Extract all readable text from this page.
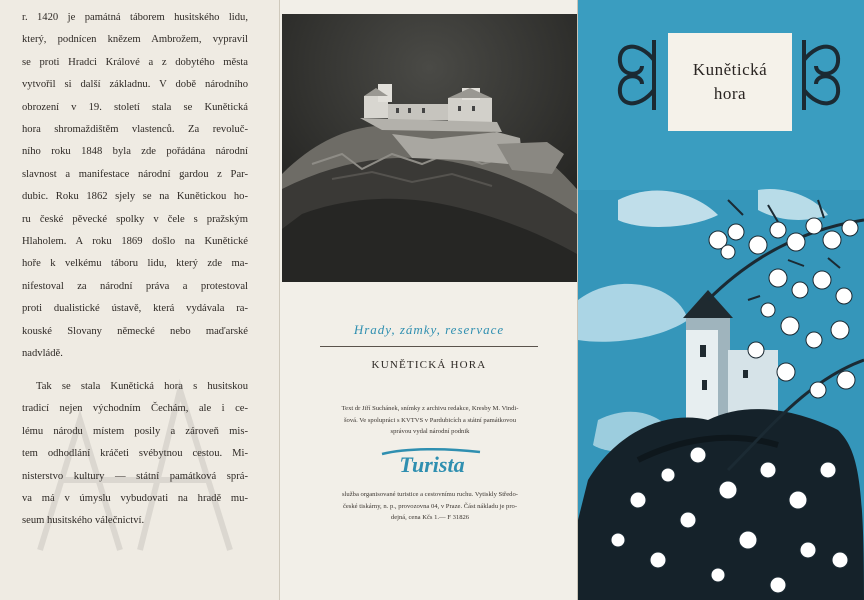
r. 1420 je památná táborem husitského lidu,
který, podnícen knězem Ambrožem, vypravil
se proti Hradci Králové a z dobytého města
vytvořil si další základnu. V době národního
obrození v 19. století stala se Kunětická
hora shromaždištěm vlastenců. Za revoluč-
ního roku 1848 byla zde pořádána národní
slavnost a manifestace národní gardou z Par-
dubic. Roku 1862 sjely se na Kunětickou ho-
ru české pěvecké spolky v čele s pražským
Hlaholem. A roku 1869 došlo na Kunětické
hoře k velkému táboru lidu, který zde ma-
nifestoval za národní práva a protestoval
proti dualistické ústavě, která vydávala ra-
kouské Slovany německé nebo maďarské
nadvládě.
Tak se stala Kunětická hora s husitskou
tradicí nejen východním Čechám, ale i ce-
lému národu místem posily a zároveň mis-
tem odhodlání kráčeti svébytnou cestou. Mi-
nisterstvo kultury — státní památková sprá-
va má v úmyslu vybudovati na hradě mu-
seum husitského válečnictví.
Hrady, zámky, reservace
KUNĚTICKÁ HORA
Text dr Jiří Suchánek, snímky z archivu redakce, Kresby M. Vindi-
šová. Ve spolupráci s KVTVS v Pardubicích a státní památkovou
správou vydal národní podnik
Turista
služba organisované turistice a cestovnímu ruchu. Vytiskly Středo-
české tiskárny, n. p., provozovna 04, v Praze. Část nákladu je pro-
dejná, cena Kčs 1.— F 31826
Kunětická
hora
